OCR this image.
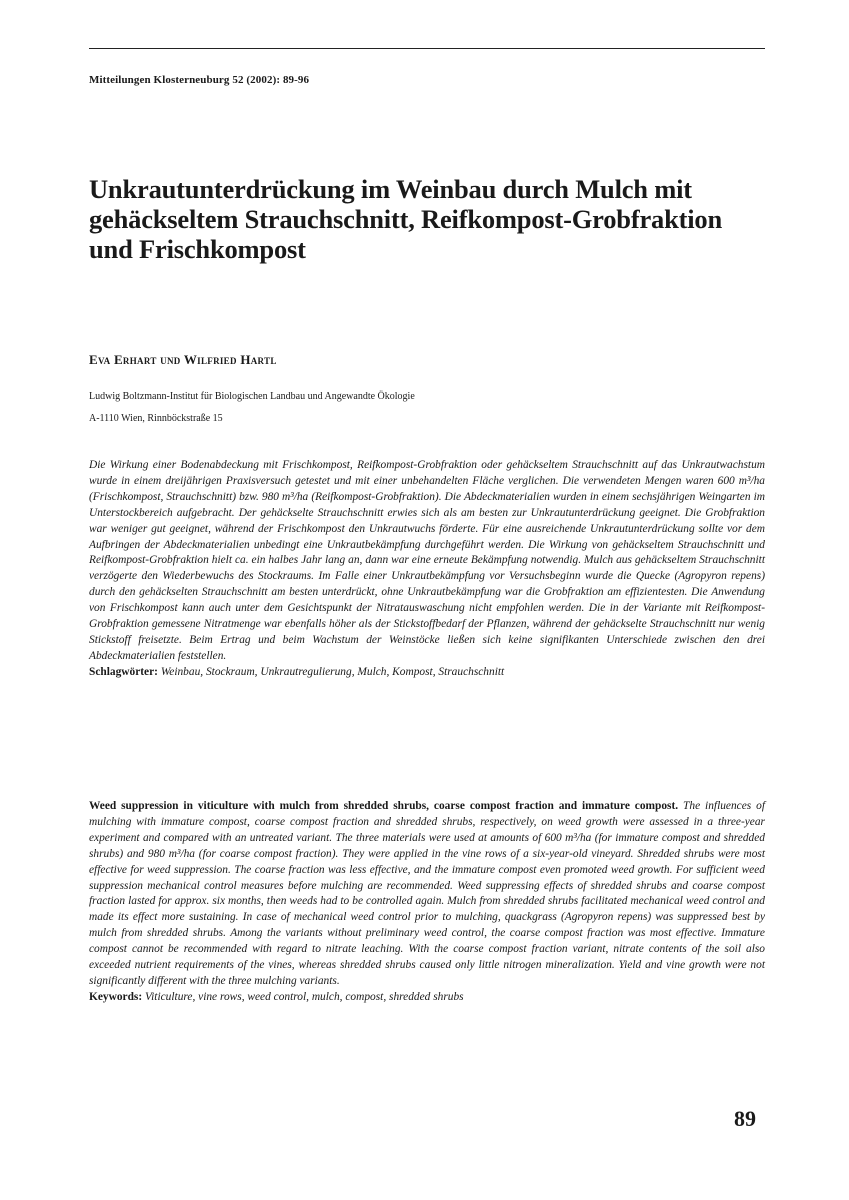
Mitteilungen Klosterneuburg 52 (2002): 89-96
Unkrautunterdrückung im Weinbau durch Mulch mit gehäckseltem Strauchschnitt, Reifkompost-Grobfraktion und Frischkompost
Eva Erhart und Wilfried Hartl
Ludwig Boltzmann-Institut für Biologischen Landbau und Angewandte Ökologie
A-1110 Wien, Rinnböckstraße 15

Die Wirkung einer Bodenabdeckung mit Frischkompost, Reifkompost-Grobfraktion oder gehäckseltem Strauchschnitt auf das Unkrautwachstum wurde in einem dreijährigen Praxisversuch getestet und mit einer unbehandelten Fläche verglichen. Die verwendeten Mengen waren 600 m³/ha (Frischkompost, Strauchschnitt) bzw. 980 m³/ha (Reifkompost-Grobfraktion). Die Abdeckmaterialien wurden in einem sechsjährigen Weingarten im Unterstockbereich aufgebracht. Der gehäckselte Strauchschnitt erwies sich als am besten zur Unkrautunterdrückung geeignet. Die Grobfraktion war weniger gut geeignet, während der Frischkompost den Unkrautwuchs förderte. Für eine ausreichende Unkrautunterdrückung sollte vor dem Aufbringen der Abdeckmaterialien unbedingt eine Unkrautbekämpfung durchgeführt werden. Die Wirkung von gehäckseltem Strauchschnitt und Reifkompost-Grobfraktion hielt ca. ein halbes Jahr lang an, dann war eine erneute Bekämpfung notwendig. Mulch aus gehäckseltem Strauchschnitt verzögerte den Wiederbewuchs des Stockraums. Im Falle einer Unkrautbekämpfung vor Versuchsbeginn wurde die Quecke (Agropyron repens) durch den gehäckselten Strauchschnitt am besten unterdrückt, ohne Unkrautbekämpfung war die Grobfraktion am effizientesten. Die Anwendung von Frischkompost kann auch unter dem Gesichtspunkt der Nitratauswaschung nicht empfohlen werden. Die in der Variante mit Reifkompost-Grobfraktion gemessene Nitratmenge war ebenfalls höher als der Stickstoffbedarf der Pflanzen, während der gehäckselte Strauchschnitt nur wenig Stickstoff freisetzte. Beim Ertrag und beim Wachstum der Weinstöcke ließen sich keine signifikanten Unterschiede zwischen den drei Abdeckmaterialien feststellen.
Schlagwörter: Weinbau, Stockraum, Unkrautregulierung, Mulch, Kompost, Strauchschnitt

Weed suppression in viticulture with mulch from shredded shrubs, coarse compost fraction and immature compost. The influences of mulching with immature compost, coarse compost fraction and shredded shrubs, respectively, on weed growth were assessed in a three-year experiment and compared with an untreated variant. The three materials were used at amounts of 600 m³/ha (for immature compost and shredded shrubs) and 980 m³/ha (for coarse compost fraction). They were applied in the vine rows of a six-year-old vineyard. Shredded shrubs were most effective for weed suppression. The coarse fraction was less effective, and the immature compost even promoted weed growth. For sufficient weed suppression mechanical control measures before mulching are recommended. Weed suppressing effects of shredded shrubs and coarse compost fraction lasted for approx. six months, then weeds had to be controlled again. Mulch from shredded shrubs facilitated mechanical weed control and made its effect more sustaining. In case of mechanical weed control prior to mulching, quackgrass (Agropyron repens) was suppressed best by mulch from shredded shrubs. Among the variants without preliminary weed control, the coarse compost fraction was most effective. Immature compost cannot be recommended with regard to nitrate leaching. With the coarse compost fraction variant, nitrate contents of the soil also exceeded nutrient requirements of the vines, whereas shredded shrubs caused only little nitrogen mineralization. Yield and vine growth were not significantly different with the three mulching variants.
Keywords: Viticulture, vine rows, weed control, mulch, compost, shredded shrubs

89
